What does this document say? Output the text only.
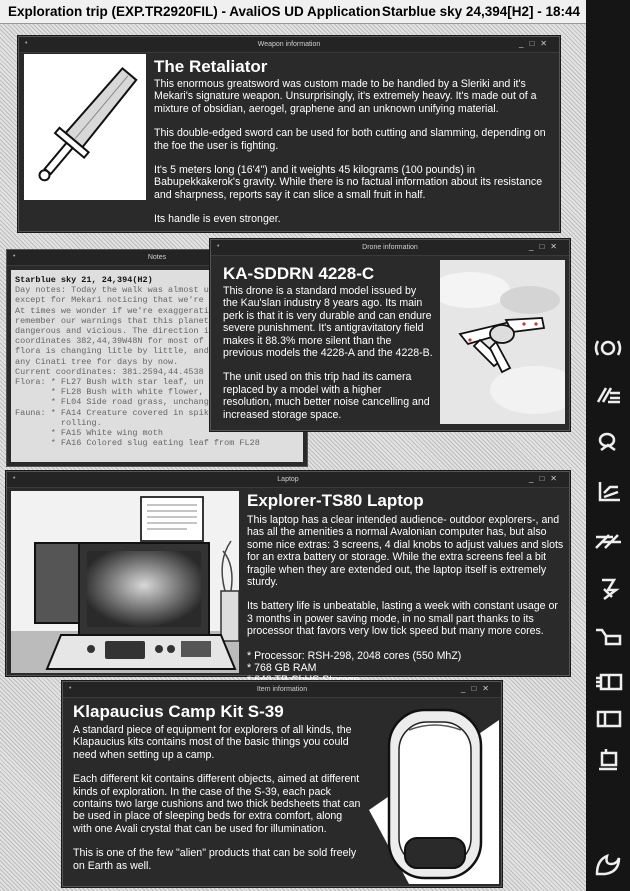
Exploration trip (EXP.TR2920FIL) - AvaliOS UD Application Starblue sky 24,394[H2] - 18:44
•	Weapon information	_□✕
The Retaliator

This enormous greatsword was custom made to be handled by a Sleriki and it's Mekari's signature weapon. Unsurprisingly, it's extremely heavy. It's made out of a mixture of obsidian, aerogel, graphene and an unknown unifying material.

This double-edged sword can be used for both cutting and slamming, depending on the foe the user is fighting.

It's 5 meters long (16'4") and it weights 45 kilograms (100 pounds) in Babupekkakerok's gravity. While there is no factual information about its resistance and sharpness, reports say it can slice a small fruit in half.

Its handle is even stronger.

•	Notes
Starblue sky 21, 24,394(H2)
Day notes: Today the walk was almost u
except for Mekari noticing that we're
At times we wonder if we're exaggerati
remember our warnings that this planet
dangerous and vicious. The direction i
coordinates 382,44,39W48N for most of
flora is changing litle by little, and
any Cinati tree for days by now.
Current coordinates: 381.2594,44.4538
Flora: * FL27 Bush with star leaf, un
* FL28 Bush with white flower,
* FL04 Side road grass, unchang
Fauna: * FA14 Creature covered in spik
rolling.
* FA15 White wing moth
* FA16 Colored slug eating leaf from FL28
•	Drone information	_□✕
KA-SDDRN 4228-C

This drone is a standard model issued by the Kau'slan industry 8 years ago. Its main perk is that it is very durable and can endure severe punishment. It's antigravitatory field makes it 88.3% more silent than the previous models the 4228-A and the 4228-B.

The unit used on this trip had its camera replaced by a model with a higher resolution, much better noise cancelling and increased storage space.

•	Laptop	_□✕
Explorer-TS80 Laptop

This laptop has a clear intended audience- outdoor explorers-, and has all the amenities a normal Avalonian computer has, but also some nice extras: 3 screens, 4 dial knobs to adjust values and slots for an extra battery or storage. While the extra screens feel a bit fragile when they are extended out, the laptop itself is extremely sturdy.

Its battery life is unbeatable, lasting a week with constant usage or 3 months in power saving mode, in no small part thanks to its processor that favors very low tick speed but many more cores.

* Processor: RSH-298, 2048 cores (550 MhZ)
* 768 GB RAM
•	Item information	_□✕
Klapaucius Camp Kit S-39

A standard piece of equipment for explorers of all kinds, the Klapaucius kits contains most of the basic things you could need when setting up a camp.

Each different kit contains different objects, aimed at different kinds of exploration. In the case of the S-39, each pack contains two large cushions and two thick bedsheets that can be used in place of sleeping beds for extra comfort, along with one Avali crystal that can be used for illumination.

This is one of the few "alien" products that can be sold freely on Earth as well.
